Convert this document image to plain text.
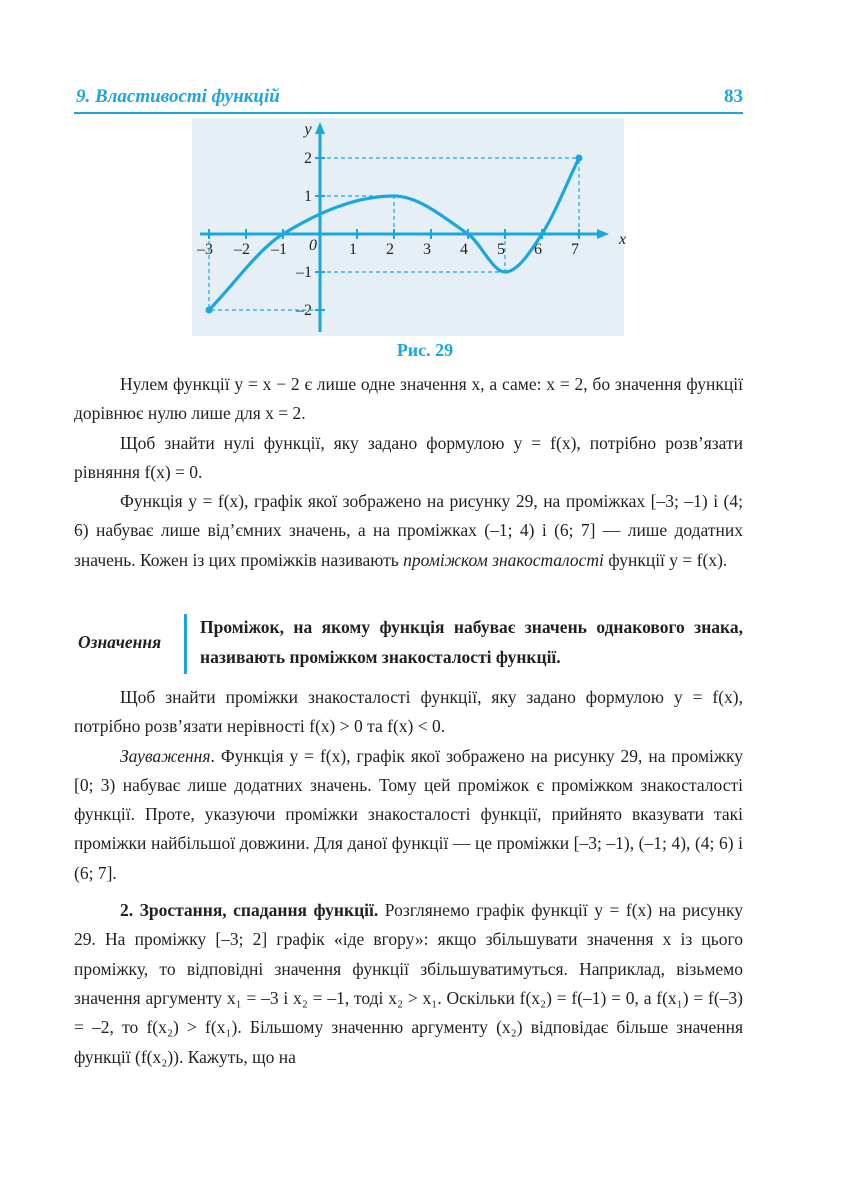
9. Властивості функцій	83
x
y
0
–3 –2 –1	1 2 3 4 5 6 7
2
1
–1
–2
Рис. 29

Нулем функції y = x − 2 є лише одне значення x, а саме: x = 2, бо значення функції дорівнює нулю лише для x = 2.

Щоб знайти нулі функції, яку задано формулою y = f(x), потрібно розв’язати рівняння f(x) = 0.

Функція y = f(x), графік якої зображено на рисунку 29, на проміжках [–3; –1) і (4; 6) набуває лише від’ємних значень, а на проміжках (–1; 4) і (6; 7] — лише додатних значень. Кожен із цих проміжків називають проміжком знакосталості функції y = f(x).

Означення
Проміжок, на якому функція набуває значень однакового знака, називають проміжком знакосталості функції.

Щоб знайти проміжки знакосталості функції, яку задано формулою y = f(x), потрібно розв’язати нерівності f(x) > 0 та f(x) < 0.

Зауваження. Функція y = f(x), графік якої зображено на рисунку 29, на проміжку [0; 3) набуває лише додатних значень. Тому цей проміжок є проміжком знакосталості функції. Проте, указуючи проміжки знакосталості функції, прийнято вказувати такі проміжки найбільшої довжини. Для даної функції — це проміжки [–3; –1), (–1; 4), (4; 6) і (6; 7].

2. Зростання, спадання функції. Розглянемо графік функції y = f(x) на рисунку 29. На проміжку [–3; 2] графік «іде вгору»: якщо збільшувати значення x із цього проміжку, то відповідні значення функції збільшуватимуться. Наприклад, візьмемо значення аргументу x₁ = –3 і x₂ = –1, тоді x₂ > x₁. Оскільки f(x₂) = f(–1) = 0, а f(x₁) = f(–3) = –2, то f(x₂) > f(x₁). Більшому значенню аргументу (x₂) відповідає більше значення функції (f(x₂)). Кажуть, що на
